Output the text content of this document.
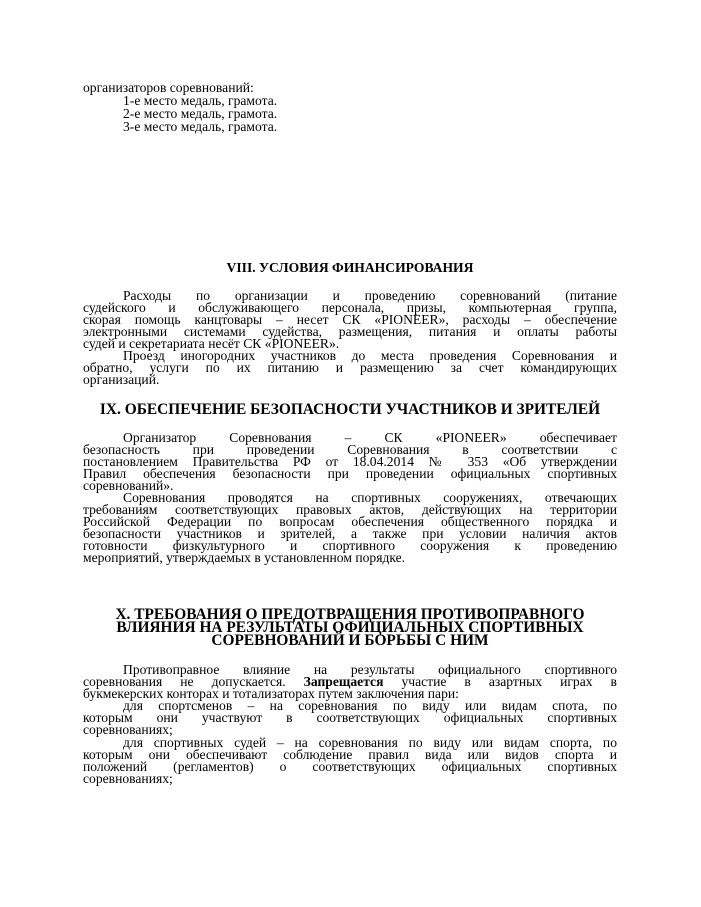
организаторов соревнований:

1-е место медаль, грамота.

2-е место медаль, грамота.

3-е место медаль, грамота.

VIII. УСЛОВИЯ ФИНАНСИРОВАНИЯ

Расходы по организации и проведению соревнований (питание

судейского и обслуживающего персонала, призы, компьютерная группа,

скорая помощь канцтовары – несет СК «PIONEER», расходы – обеспечение

электронными системами судейства, размещения, питания и оплаты работы

судей и секретариата несёт СК «PIONEER».

Проезд иногородних участников до места проведения Соревнования и

обратно, услуги по их питанию и размещению за счет командирующих

организаций.

IX. ОБЕСПЕЧЕНИЕ БЕЗОПАСНОСТИ УЧАСТНИКОВ И ЗРИТЕЛЕЙ

Организатор Соревнования – СК «PIONEER» обеспечивает

безопасность при проведении Соревнования в соответствии с

постановлением Правительства РФ от 18.04.2014 № 353 «Об утверждении

Правил обеспечения безопасности при проведении официальных спортивных

соревнований».

Соревнования проводятся на спортивных сооружениях, отвечающих

требованиям соответствующих правовых актов, действующих на территории

Российской Федерации по вопросам обеспечения общественного порядка и

безопасности участников и зрителей, а также при условии наличия актов

готовности физкультурного и спортивного сооружения к проведению

мероприятий, утверждаемых в установленном порядке.

X. ТРЕБОВАНИЯ О ПРЕДОТВРАЩЕНИЯ ПРОТИВОПРАВНОГО
ВЛИЯНИЯ НА РЕЗУЛЬТАТЫ ОФИЦИАЛЬНЫХ СПОРТИВНЫХ
СОРЕВНОВАНИЙ И БОРЬБЫ С НИМ

Противоправное влияние на результаты официального спортивного

соревнования не допускается. Запрещается участие в азартных играх в

букмекерских конторах и тотализаторах путем заключения пари:

для спортсменов – на соревнования по виду или видам спота, по

которым они участвуют в соответствующих официальных спортивных

соревнованиях;

для спортивных судей – на соревнования по виду или видам спорта, по

которым они обеспечивают соблюдение правил вида или видов спорта и

положений (регламентов) о соответствующих официальных спортивных

соревнованиях;
